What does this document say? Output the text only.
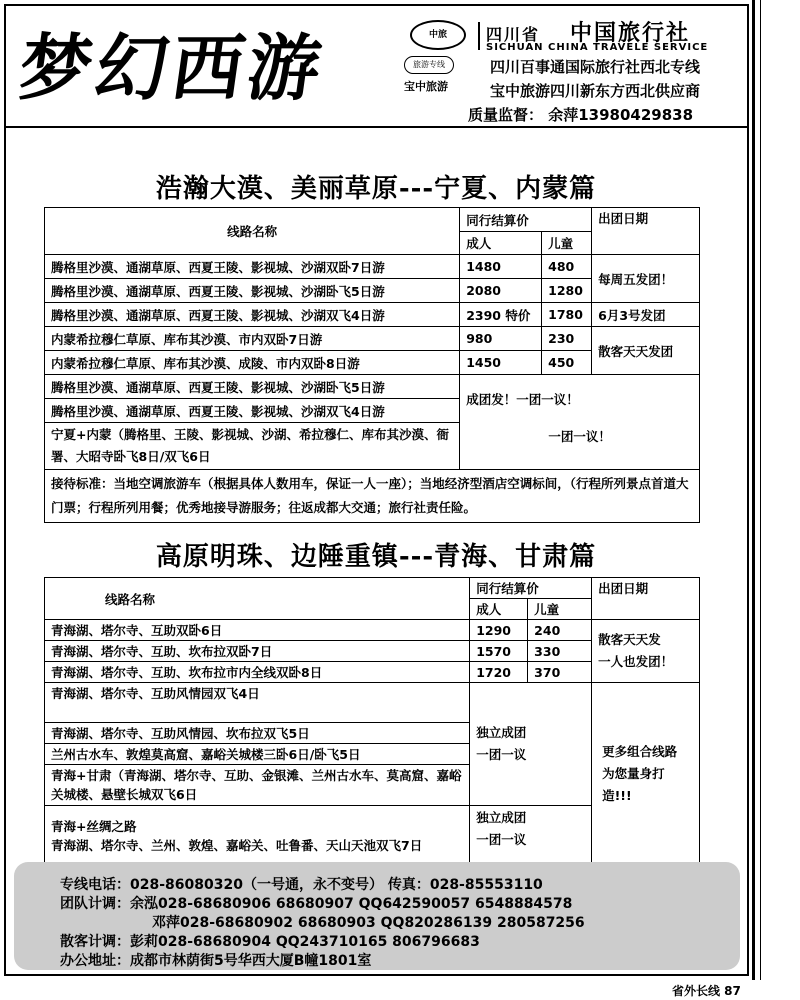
梦幻西游	中旅	四川省 中国旅行社
SICHUAN CHINA TRAVELE SERVICE
旅游专线
宝中旅游
四川百事通国际旅行社西北专线
宝中旅游四川新东方西北供应商
质量监督： 余萍13980429838
浩瀚大漠、美丽草原---宁夏、内蒙篇
线路名称	同行结算价		出团日期
	成人	儿童	
腾格里沙漠、通湖草原、西夏王陵、影视城、沙湖双卧7日游	1480	480	每周五发团！
腾格里沙漠、通湖草原、西夏王陵、影视城、沙湖卧飞5日游	2080	1280	
腾格里沙漠、通湖草原、西夏王陵、影视城、沙湖双飞4日游	2390 特价	1780	6月3号发团
内蒙希拉穆仁草原、库布其沙漠、市内双卧7日游	980	230	散客天天发团
内蒙希拉穆仁草原、库布其沙漠、成陵、市内双卧8日游	1450	450	
腾格里沙漠、通湖草原、西夏王陵、影视城、沙湖卧飞5日游	成团发！一团一议！		
腾格里沙漠、通湖草原、西夏王陵、影视城、沙湖双飞4日游			
宁夏+内蒙（腾格里、王陵、影视城、沙湖、希拉穆仁、库布其沙漠、衙署、大昭寺卧飞8日/双飞6日	一团一议！		
接待标准：当地空调旅游车（根据具体人数用车，保证一人一座）；当地经济型酒店空调标间，（行程所列景点首道大门票；行程所列用餐；优秀地接导游服务；往返成都大交通；旅行社责任险。			
高原明珠、边陲重镇---青海、甘肃篇
线路名称	同行结算价		出团日期
	成人	儿童	
青海湖、塔尔寺、互助双卧6日	1290	240	散客天天发
一人也发团！
青海湖、塔尔寺、互助、坎布拉双卧7日	1570	330	
青海湖、塔尔寺、互助、坎布拉市内全线双卧8日	1720	370	
青海湖、塔尔寺、互助风情园双飞4日	独立成团
一团一议		更多组合线路为您量身打造!!!
青海湖、塔尔寺、互助风情园、坎布拉双飞5日			
兰州古水车、敦煌莫高窟、嘉峪关城楼三卧6日/卧飞5日			
青海+甘肃（青海湖、塔尔寺、互助、金银滩、兰州古水车、莫高窟、嘉峪关城楼、悬壁长城双飞6日			
青海+丝绸之路
青海湖、塔尔寺、兰州、敦煌、嘉峪关、吐鲁番、天山天池双飞7日	独立成团
一团一议		
专线电话：028-86080320（一号通，永不变号） 传真：028-85553110
团队计调：余泓028-68680906 68680907 QQ642590057 6548884578
邓萍028-68680902 68680903 QQ820286139 280587256
散客计调：彭莉028-68680904 QQ243710165 806796683
办公地址：成都市林荫街5号华西大厦B幢1801室
省外长线 87
